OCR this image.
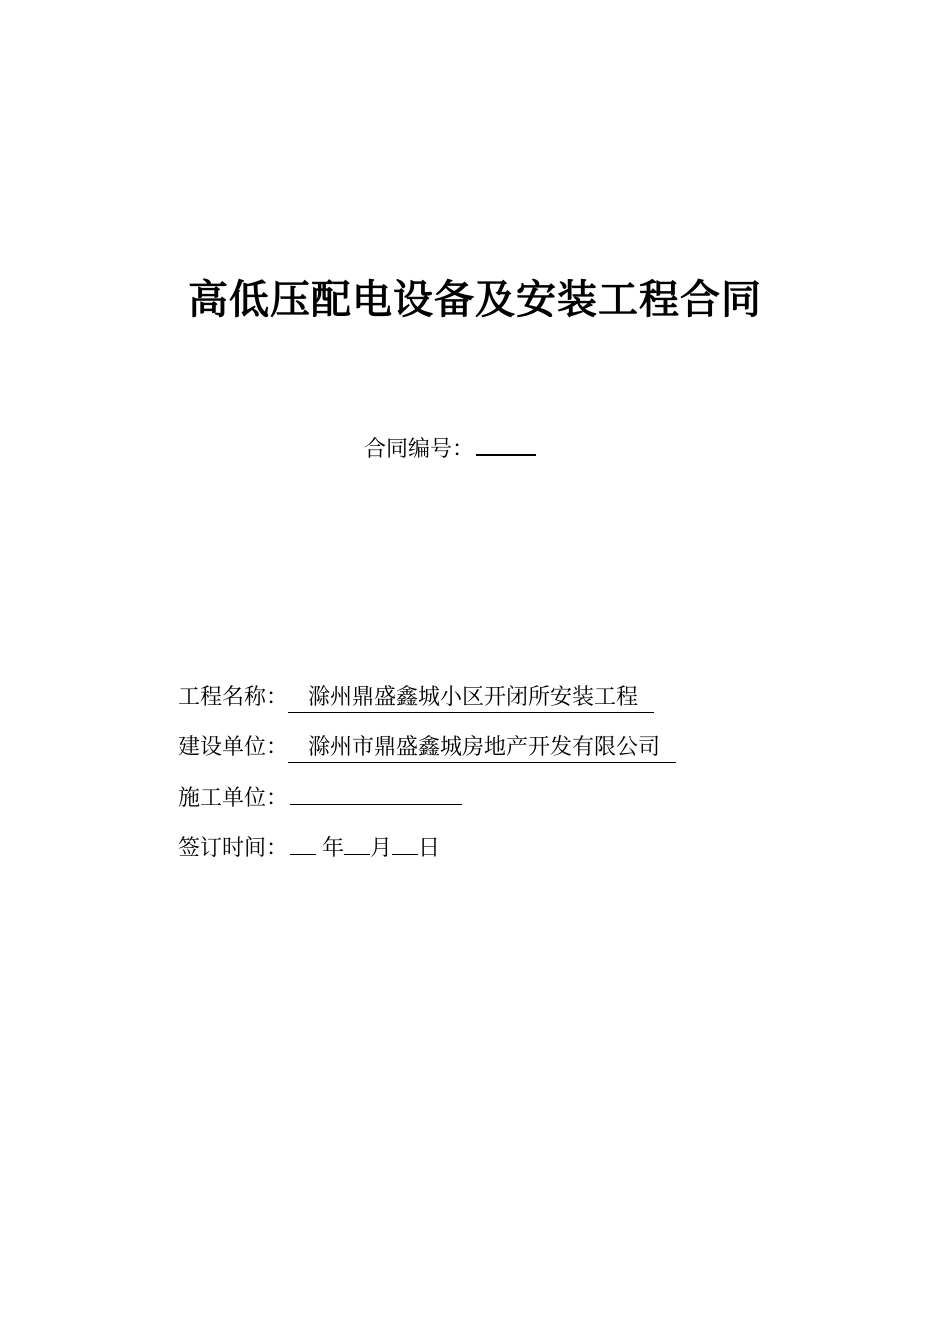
高低压配电设备及安装工程合同
合同编号：
工程名称： 滁州鼎盛鑫城小区开闭所安装工程
建设单位： 滁州市鼎盛鑫城房地产开发有限公司
施工单位：
签订时间： 年 月 日
